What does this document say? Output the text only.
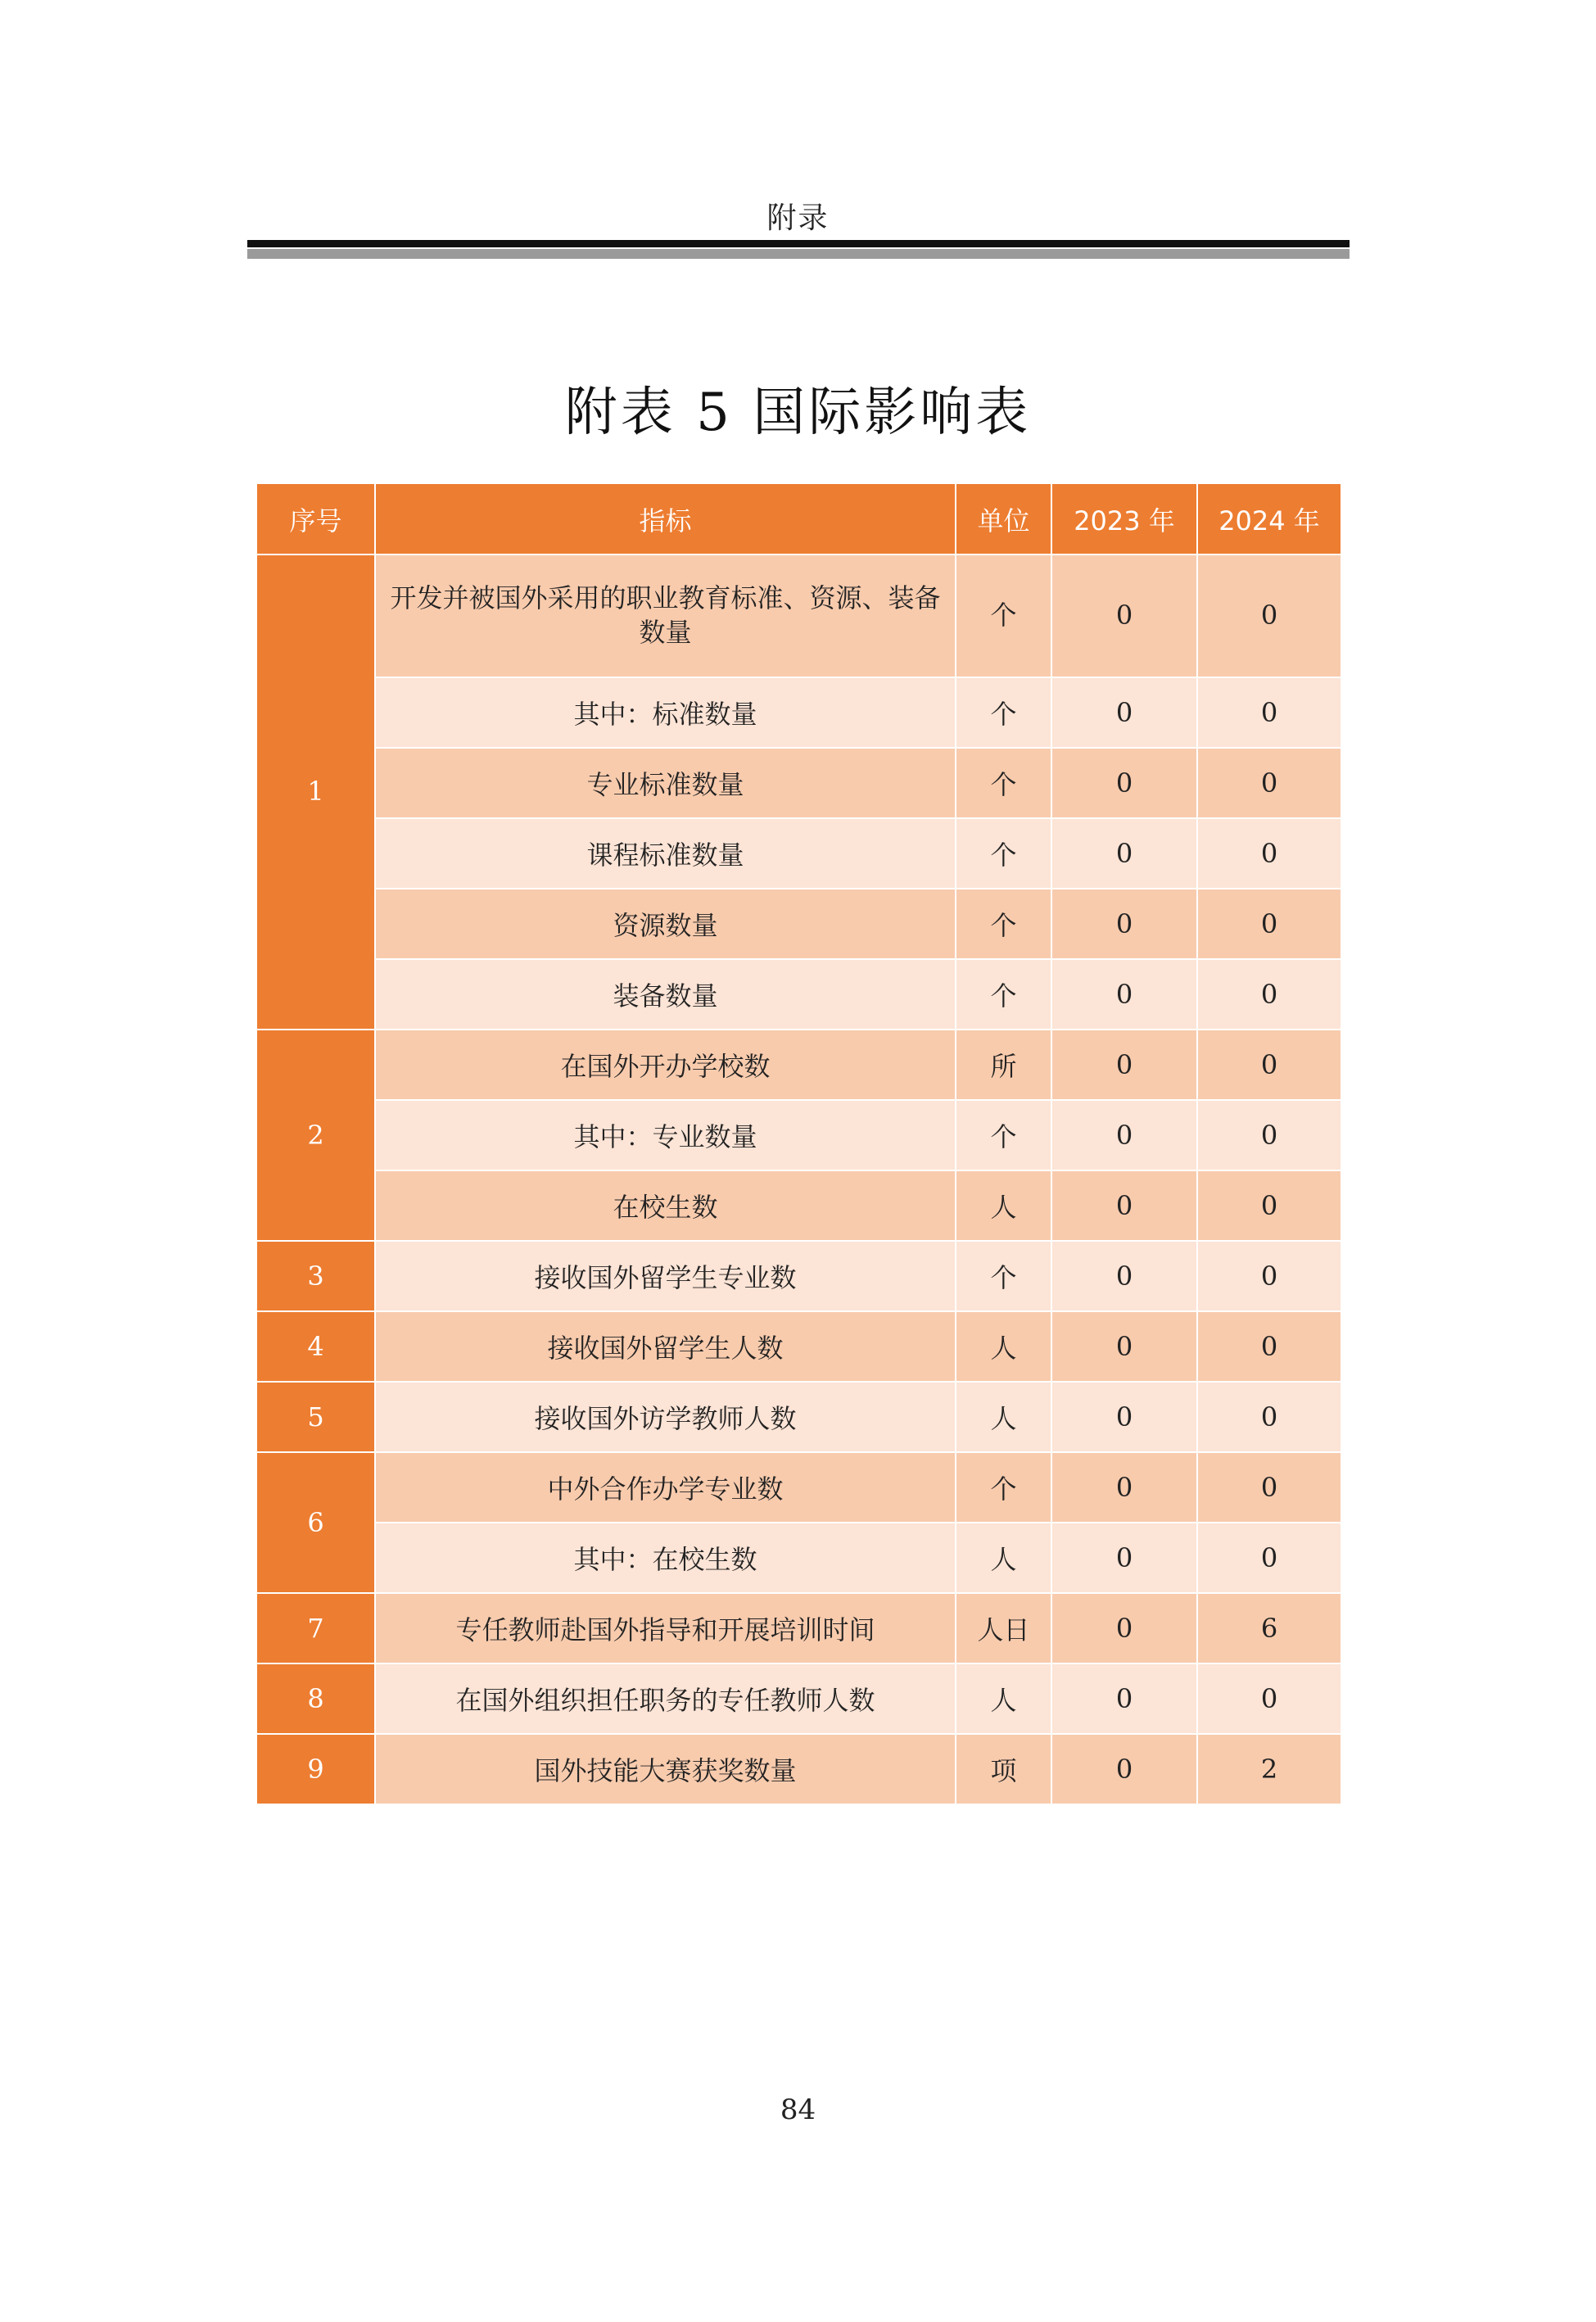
附录
附表 5 国际影响表
序号	指标	单位	2023 年	2024 年
1	开发并被国外采用的职业教育标准、资源、装备数量	个	0	0
	其中：标准数量	个	0	0
	专业标准数量	个	0	0
	课程标准数量	个	0	0
	资源数量	个	0	0
	装备数量	个	0	0
2	在国外开办学校数	所	0	0
	其中：专业数量	个	0	0
	在校生数	人	0	0
3	接收国外留学生专业数	个	0	0
4	接收国外留学生人数	人	0	0
5	接收国外访学教师人数	人	0	0
6	中外合作办学专业数	个	0	0
	其中：在校生数	人	0	0
7	专任教师赴国外指导和开展培训时间	人日	0	6
8	在国外组织担任职务的专任教师人数	人	0	0
9	国外技能大赛获奖数量	项	0	2
84
